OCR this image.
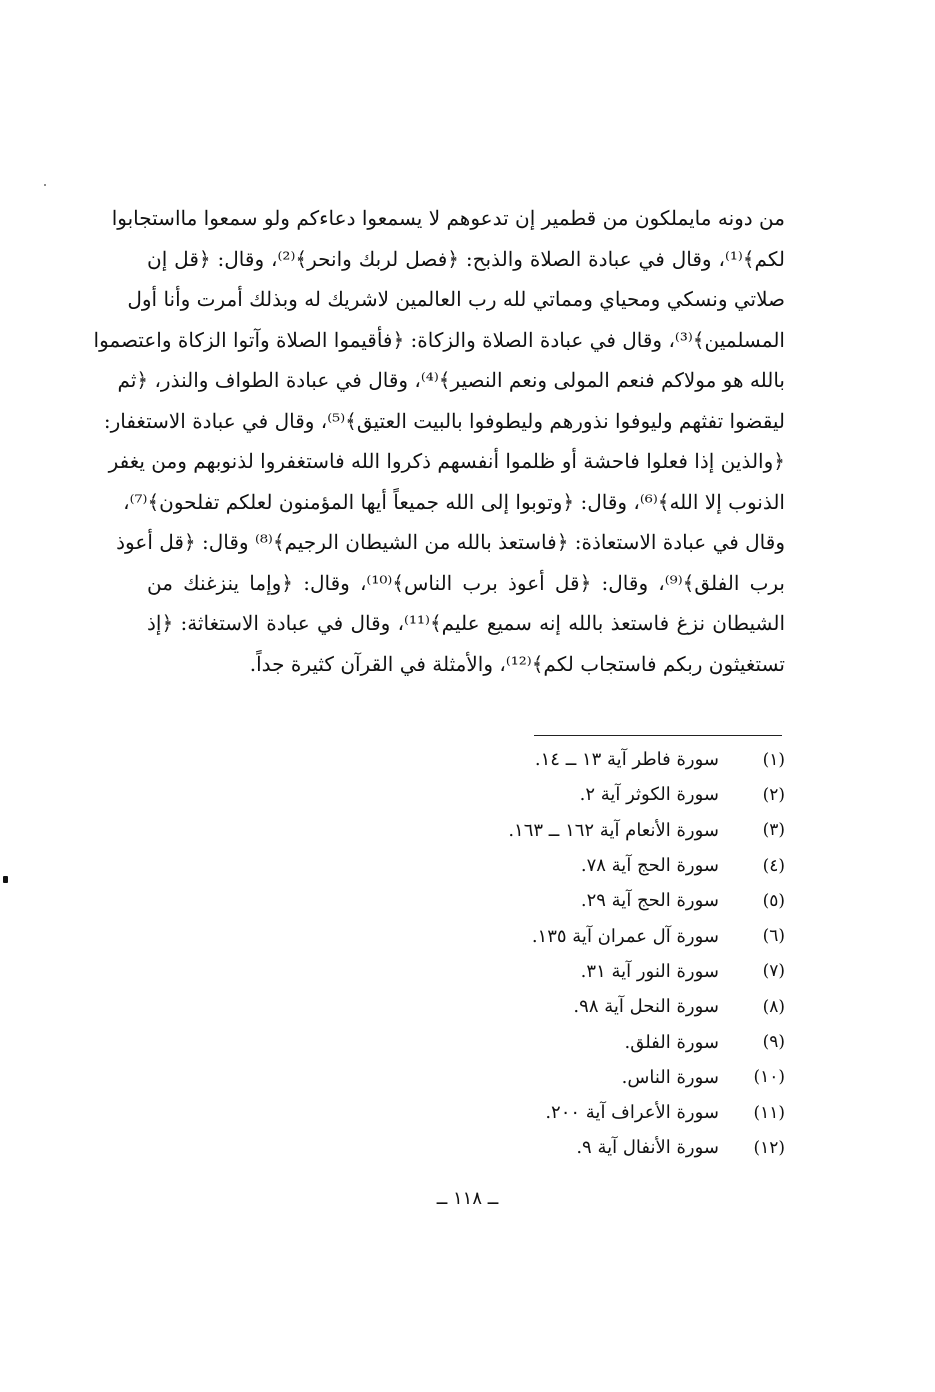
من دونه مايملكون من قطمير إن تدعوهم لا يسمعوا دعاءكم ولو سمعوا مااستجابوا
لكم﴾⁽¹⁾، وقال في عبادة الصلاة والذبح: ﴿فصل لربك وانحر﴾⁽²⁾، وقال: ﴿قل إن
صلاتي ونسكي ومحياي ومماتي لله رب العالمين لاشريك له وبذلك أمرت وأنا أول
المسلمين﴾⁽³⁾، وقال في عبادة الصلاة والزكاة: ﴿فأقيموا الصلاة وآتوا الزكاة واعتصموا
بالله هو مولاكم فنعم المولى ونعم النصير﴾⁽⁴⁾، وقال في عبادة الطواف والنذر، ﴿ثم
ليقضوا تفثهم وليوفوا نذورهم وليطوفوا بالبيت العتيق﴾⁽⁵⁾، وقال في عبادة الاستغفار:
﴿والذين إذا فعلوا فاحشة أو ظلموا أنفسهم ذكروا الله فاستغفروا لذنوبهم ومن يغفر
الذنوب إلا الله﴾⁽⁶⁾، وقال: ﴿وتوبوا إلى الله جميعاً أيها المؤمنون لعلكم تفلحون﴾⁽⁷⁾،
وقال في عبادة الاستعاذة: ﴿فاستعذ بالله من الشيطان الرجيم﴾⁽⁸⁾ وقال: ﴿قل أعوذ
برب الفلق﴾⁽⁹⁾، وقال: ﴿قل أعوذ برب الناس﴾⁽¹⁰⁾، وقال: ﴿وإما ينزغنك من
الشيطان نزغ فاستعذ بالله إنه سميع عليم﴾⁽¹¹⁾، وقال في عبادة الاستغاثة: ﴿إذ
تستغيثون ربكم فاستجاب لكم﴾⁽¹²⁾، والأمثلة في القرآن كثيرة جداً.
(١)
سورة فاطر آية ١٣ ــ ١٤.
(٢)
سورة الكوثر آية ٢.
(٣)
سورة الأنعام آية ١٦٢ ــ ١٦٣.
(٤)
سورة الحج آية ٧٨.
(٥)
سورة الحج آية ٢٩.
(٦)
سورة آل عمران آية ١٣٥.
(٧)
سورة النور آية ٣١.
(٨)
سورة النحل آية ٩٨.
(٩)
سورة الفلق.
(١٠)
سورة الناس.
(١١)
سورة الأعراف آية ٢٠٠.
(١٢)
سورة الأنفال آية ٩.
ــ ١١٨ ــ
